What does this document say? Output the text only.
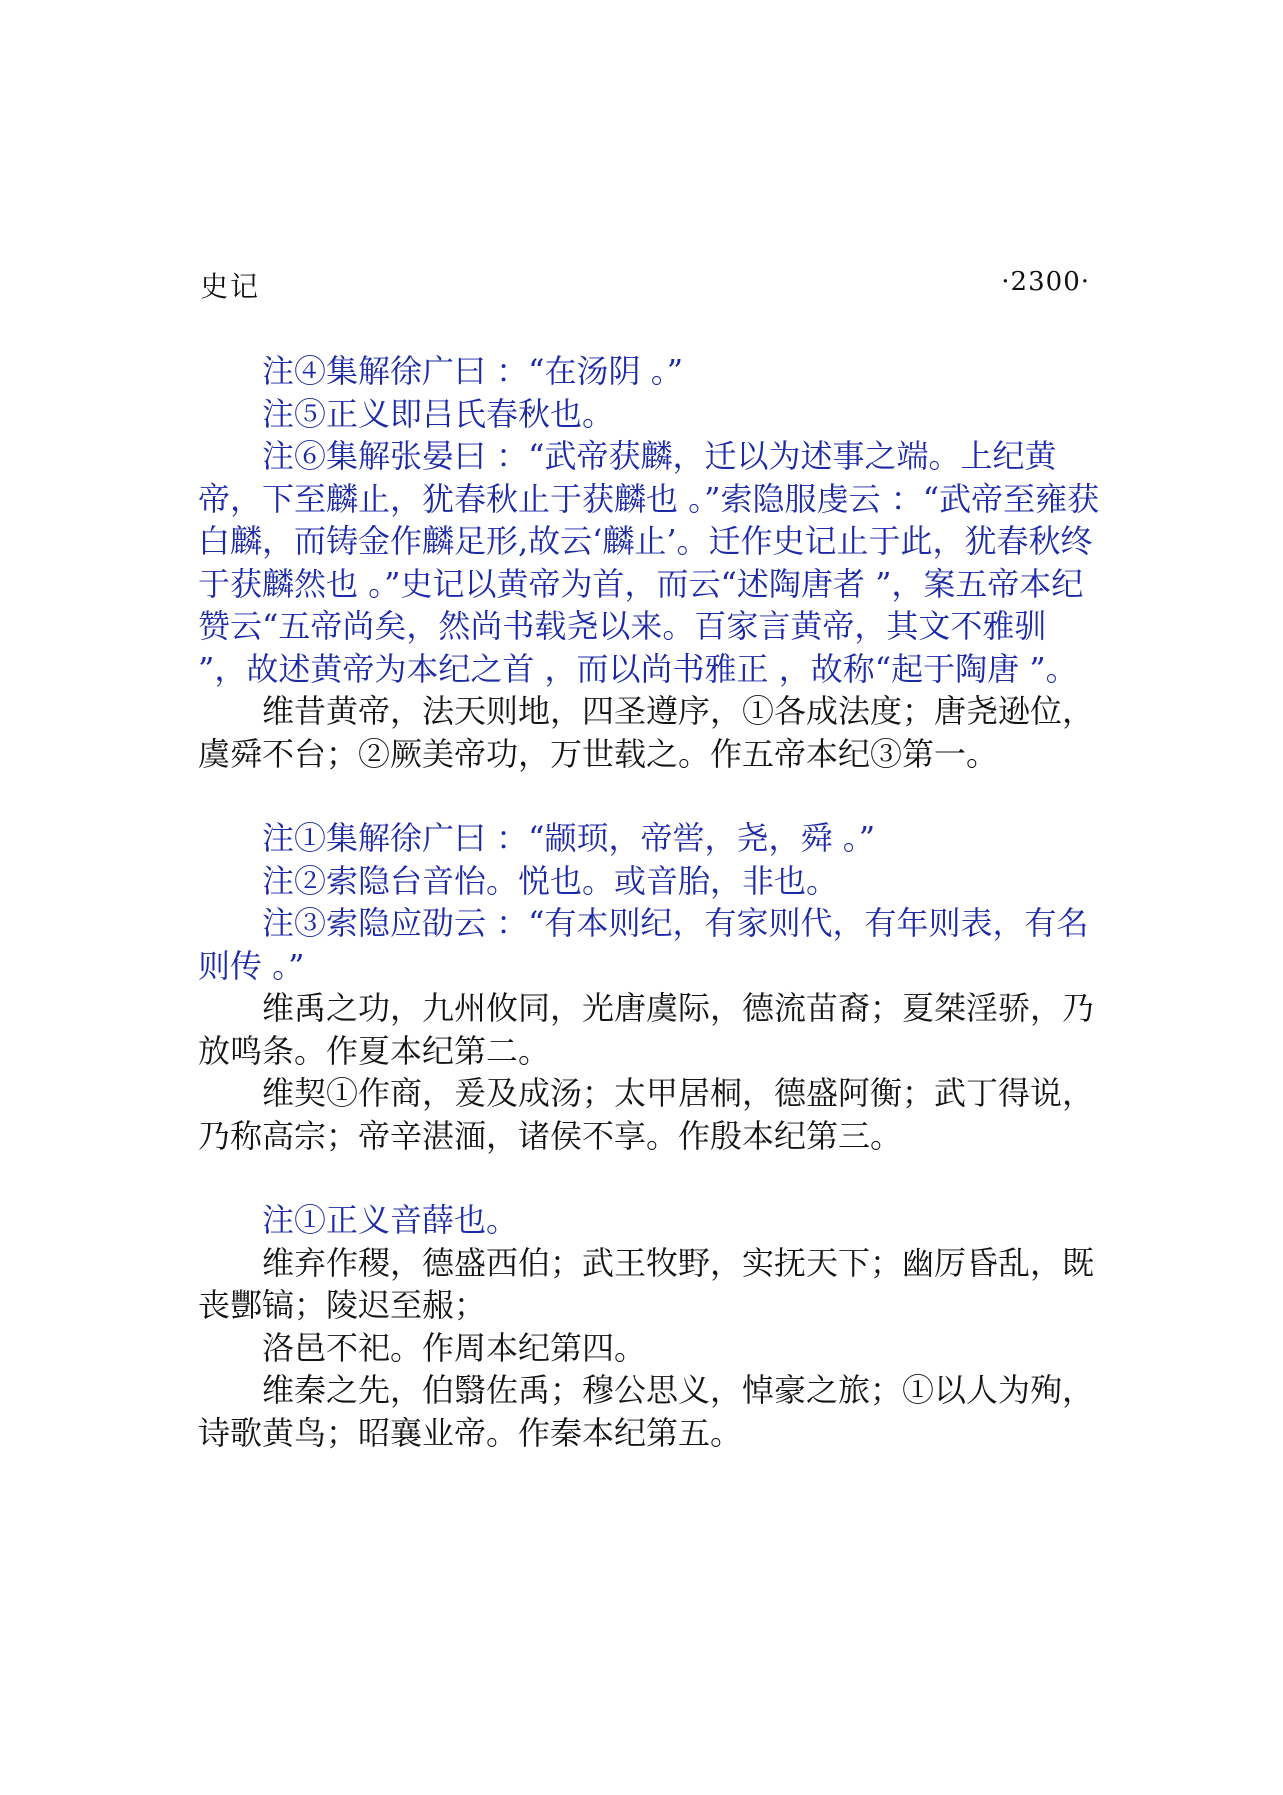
史记	·2300·

注④集解徐广曰 ：“在汤阴 。”

注⑤正义即吕氏春秋也。

注⑥集解张晏曰 ：“武帝获麟，迁以为述事之端。上纪黄帝，下至麟止，犹春秋止于获麟也 。”索隐服虔云 ：“武帝至雍获白麟，而铸金作麟足形,故云‘麟止’。迁作史记止于此，犹春秋终于获麟然也 。”史记以黄帝为首，而云“述陶唐者 ”，案五帝本纪赞云“五帝尚矣，然尚书载尧以来。百家言黄帝，其文不雅驯 ”，故述黄帝为本纪之首 ，而以尚书雅正 ，故称“起于陶唐 ”。

维昔黄帝，法天则地，四圣遵序，①各成法度；唐尧逊位，虞舜不台；②厥美帝功，万世载之。作五帝本纪③第一。

注①集解徐广曰 ：“颛顼，帝喾，尧，舜 。”

注②索隐台音怡。悦也。或音胎，非也。

注③索隐应劭云 ：“有本则纪，有家则代，有年则表，有名则传 。”

维禹之功，九州攸同，光唐虞际，德流苗裔；夏桀淫骄，乃放鸣条。作夏本纪第二。

维契①作商，爰及成汤；太甲居桐，德盛阿衡；武丁得说，乃称高宗；帝辛湛湎，诸侯不享。作殷本纪第三。

注①正义音薛也。

维弃作稷，德盛西伯；武王牧野，实抚天下；幽厉昏乱，既丧酆镐；陵迟至赧；

洛邑不祀。作周本纪第四。

维秦之先，伯翳佐禹；穆公思义，悼豪之旅；①以人为殉，诗歌黄鸟；昭襄业帝。作秦本纪第五。
